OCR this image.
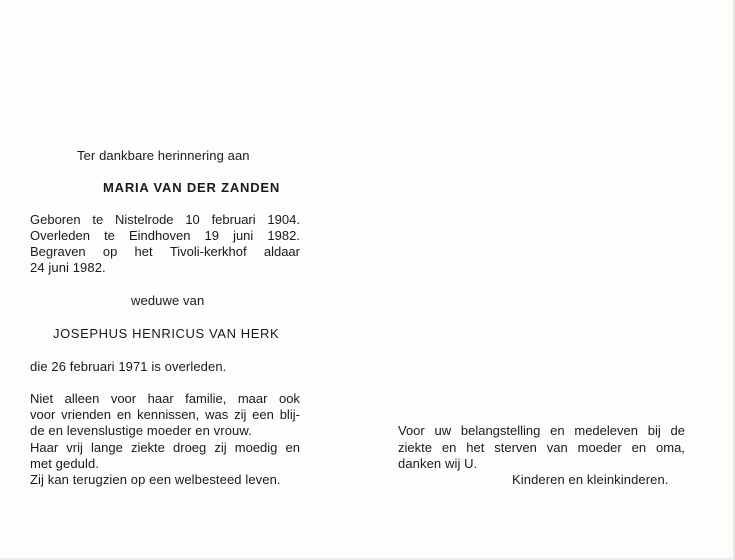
Ter dankbare herinnering aan
MARIA VAN DER ZANDEN
Geboren te Nistelrode 10 februari 1904.
Overleden te Eindhoven 19 juni 1982.
Begraven op het Tivoli-kerkhof aldaar
24 juni 1982.
weduwe van
JOSEPHUS HENRICUS VAN HERK
die 26 februari 1971 is overleden.
Niet alleen voor haar familie, maar ook
voor vrienden en kennissen, was zij een blij-
de en levenslustige moeder en vrouw.
Haar vrij lange ziekte droeg zij moedig en
met geduld.
Zij kan terugzien op een welbesteed leven.
Voor uw belangstelling en medeleven bij de
ziekte en het sterven van moeder en oma,
danken wij U.
Kinderen en kleinkinderen.
